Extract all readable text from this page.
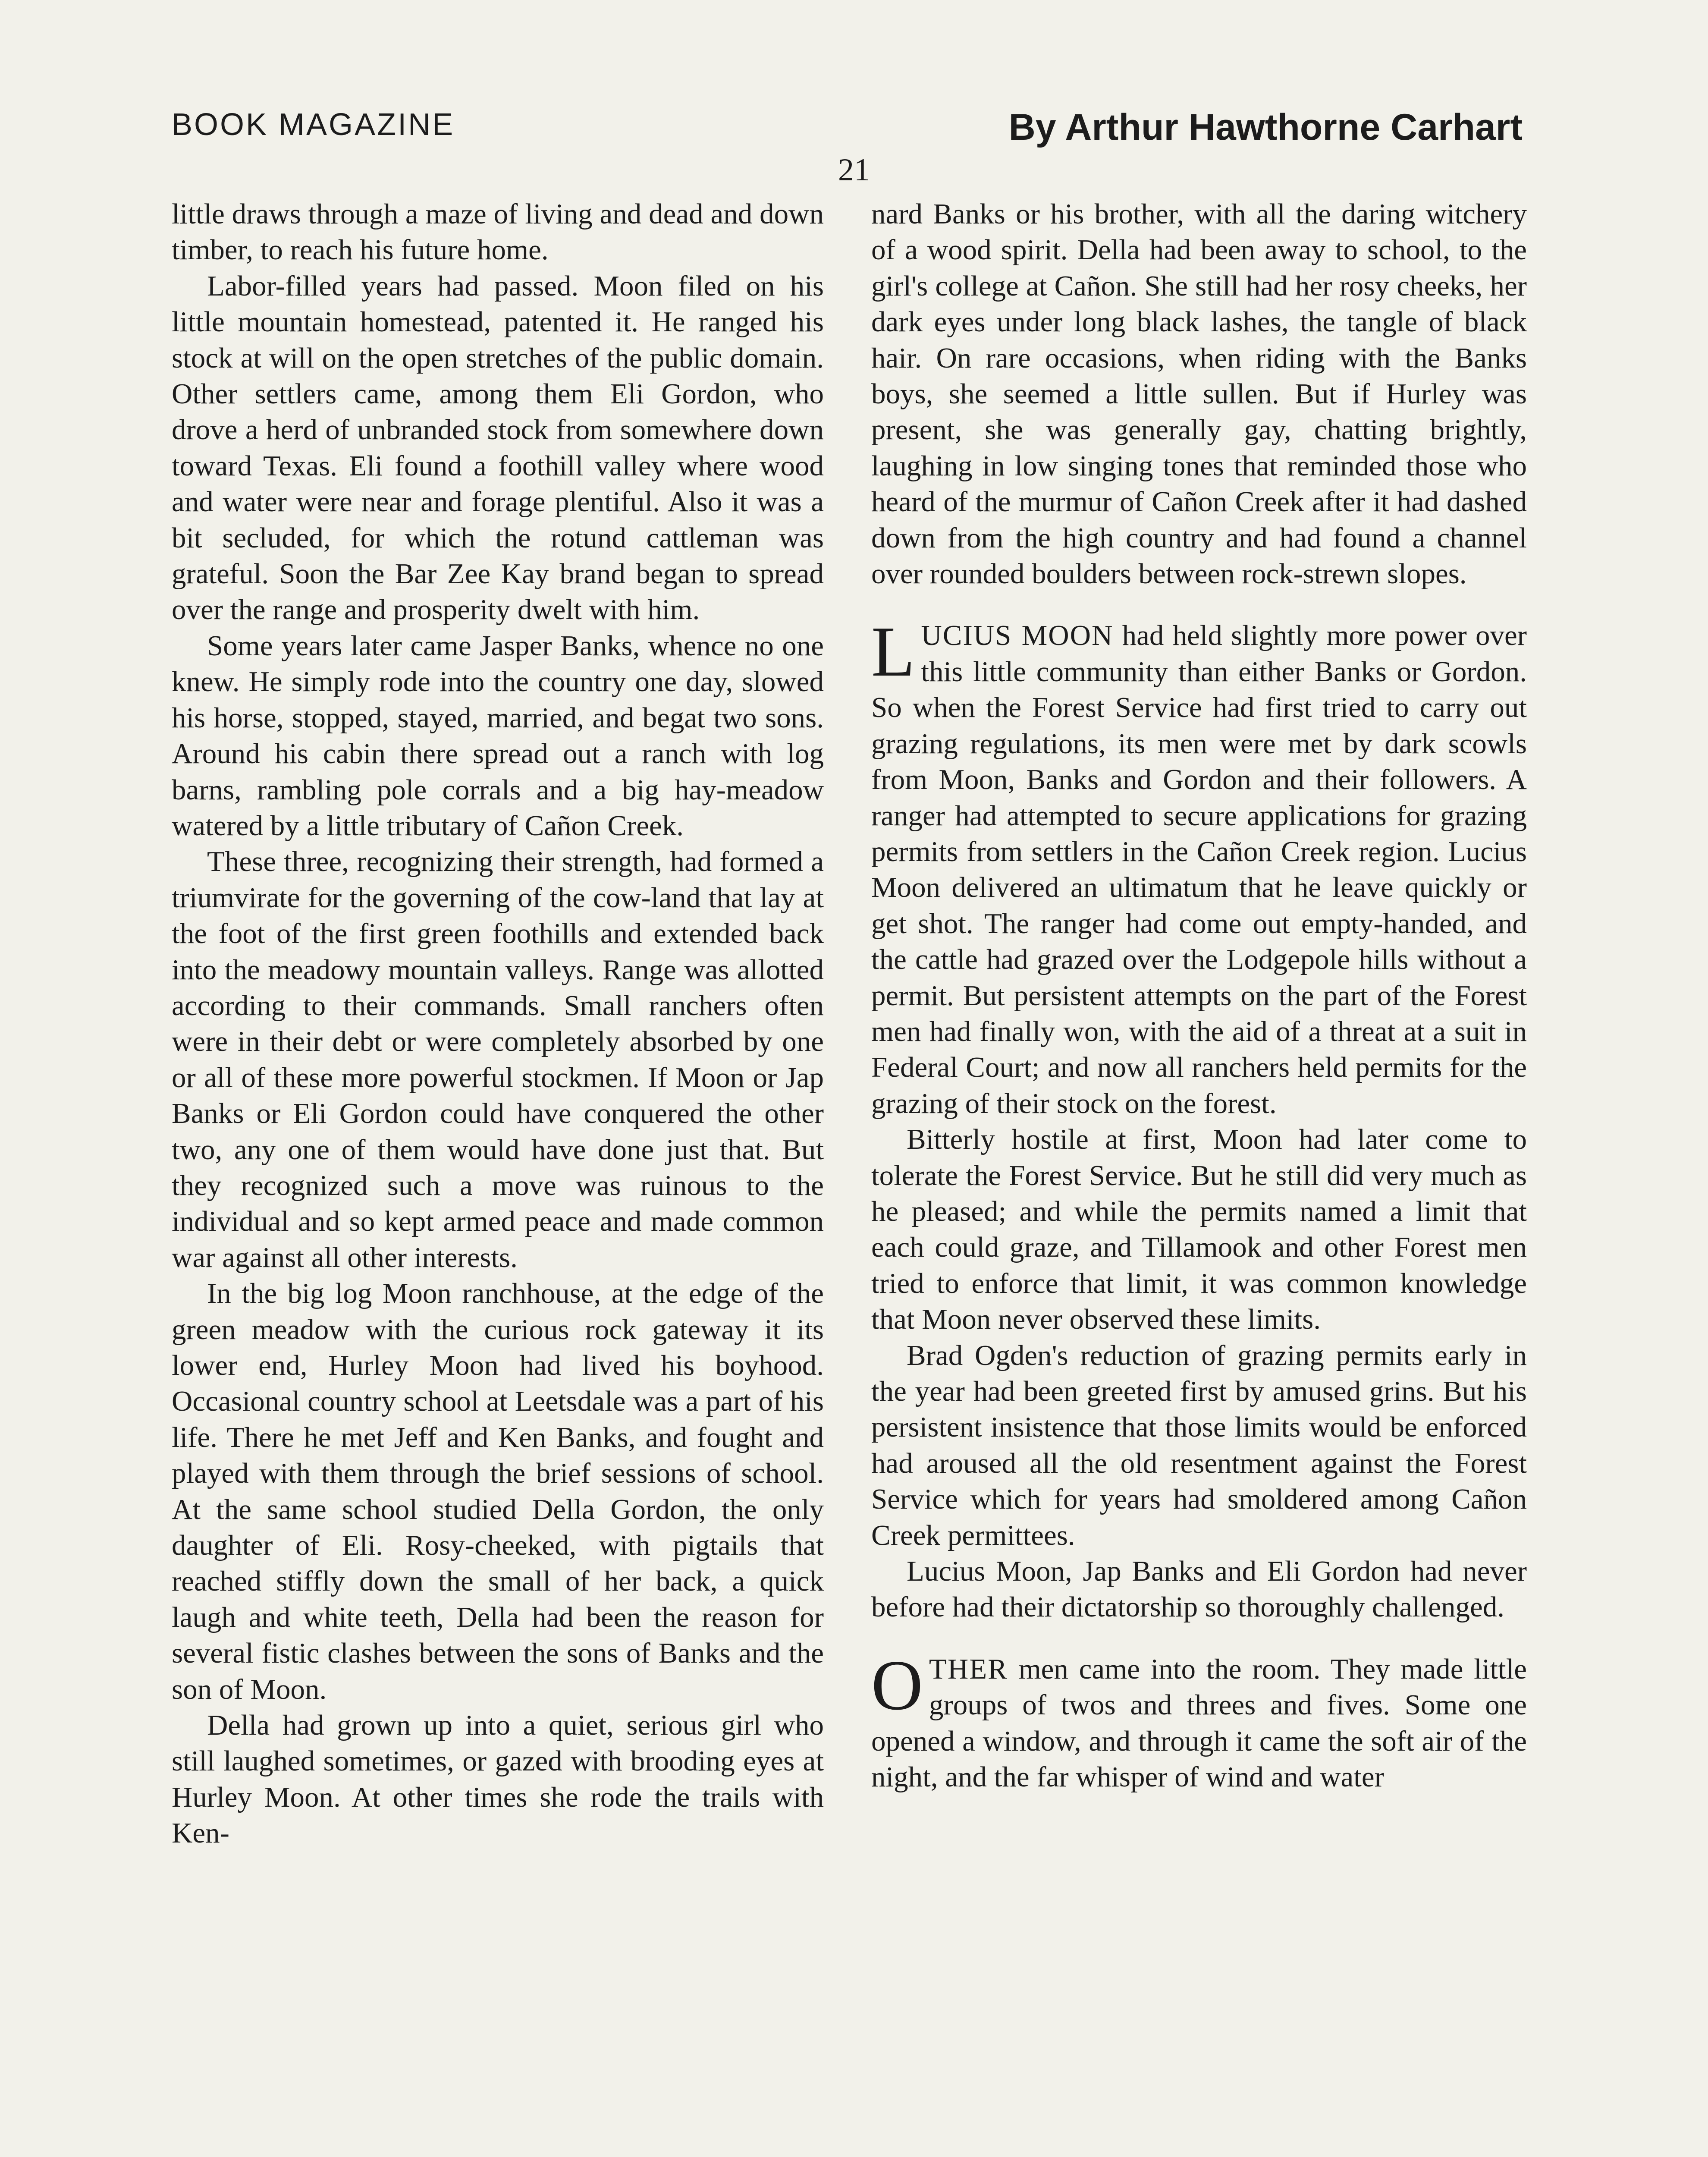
BOOK MAGAZINE	By Arthur Hawthorne Carhart
21

little draws through a maze of living and dead and down timber, to reach his future home.

Labor-filled years had passed. Moon filed on his little mountain homestead, patented it. He ranged his stock at will on the open stretches of the public domain. Other settlers came, among them Eli Gordon, who drove a herd of unbranded stock from somewhere down toward Texas. Eli found a foothill valley where wood and water were near and forage plentiful. Also it was a bit secluded, for which the rotund cattleman was grateful. Soon the Bar Zee Kay brand began to spread over the range and prosperity dwelt with him.

Some years later came Jasper Banks, whence no one knew. He simply rode into the country one day, slowed his horse, stopped, stayed, married, and begat two sons. Around his cabin there spread out a ranch with log barns, rambling pole corrals and a big hay-meadow watered by a little tributary of Cañon Creek.

These three, recognizing their strength, had formed a triumvirate for the governing of the cow-land that lay at the foot of the first green foothills and extended back into the meadowy mountain valleys. Range was allotted according to their commands. Small ranchers often were in their debt or were completely absorbed by one or all of these more powerful stockmen. If Moon or Jap Banks or Eli Gordon could have conquered the other two, any one of them would have done just that. But they recognized such a move was ruinous to the individual and so kept armed peace and made common war against all other interests.

In the big log Moon ranchhouse, at the edge of the green meadow with the curious rock gateway it its lower end, Hurley Moon had lived his boyhood. Occasional country school at Leetsdale was a part of his life. There he met Jeff and Ken Banks, and fought and played with them through the brief sessions of school. At the same school studied Della Gordon, the only daughter of Eli. Rosy-cheeked, with pigtails that reached stiffly down the small of her back, a quick laugh and white teeth, Della had been the reason for several fistic clashes between the sons of Banks and the son of Moon.

Della had grown up into a quiet, serious girl who still laughed sometimes, or gazed with brooding eyes at Hurley Moon. At other times she rode the trails with Ken-

nard Banks or his brother, with all the daring witchery of a wood spirit. Della had been away to school, to the girl's college at Cañon. She still had her rosy cheeks, her dark eyes under long black lashes, the tangle of black hair. On rare occasions, when riding with the Banks boys, she seemed a little sullen. But if Hurley was present, she was generally gay, chatting brightly, laughing in low singing tones that reminded those who heard of the murmur of Cañon Creek after it had dashed down from the high country and had found a channel over rounded boulders between rock-strewn slopes.

LUCIUS MOON had held slightly more power over this little community than either Banks or Gordon. So when the Forest Service had first tried to carry out grazing regulations, its men were met by dark scowls from Moon, Banks and Gordon and their followers. A ranger had attempted to secure applications for grazing permits from settlers in the Cañon Creek region. Lucius Moon delivered an ultimatum that he leave quickly or get shot. The ranger had come out empty-handed, and the cattle had grazed over the Lodgepole hills without a permit. But persistent attempts on the part of the Forest men had finally won, with the aid of a threat at a suit in Federal Court; and now all ranchers held permits for the grazing of their stock on the forest.

Bitterly hostile at first, Moon had later come to tolerate the Forest Service. But he still did very much as he pleased; and while the permits named a limit that each could graze, and Tillamook and other Forest men tried to enforce that limit, it was common knowledge that Moon never observed these limits.

Brad Ogden's reduction of grazing permits early in the year had been greeted first by amused grins. But his persistent insistence that those limits would be enforced had aroused all the old resentment against the Forest Service which for years had smoldered among Cañon Creek permittees.

Lucius Moon, Jap Banks and Eli Gordon had never before had their dictatorship so thoroughly challenged.

OTHER men came into the room. They made little groups of twos and threes and fives. Some one opened a window, and through it came the soft air of the night, and the far whisper of wind and water
